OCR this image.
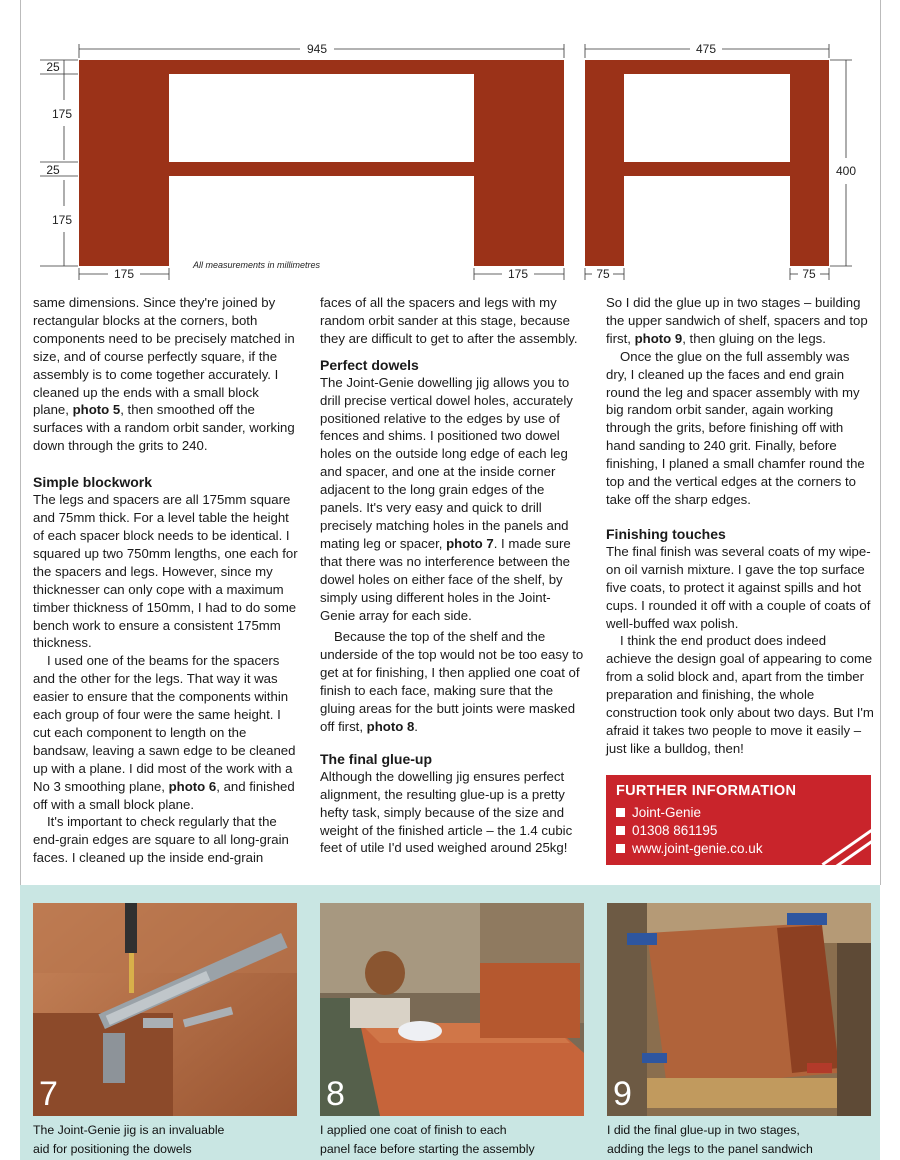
945	475
25
175
25
175
175	175	75	75
400
All measurements in millimetres

same dimensions. Since they're joined by rectangular blocks at the corners, both components need to be precisely matched in size, and of course perfectly square, if the assembly is to come together accurately. I cleaned up the ends with a small block plane, photo 5, then smoothed off the surfaces with a random orbit sander, working down through the grits to 240.

Simple blockwork

The legs and spacers are all 175mm square and 75mm thick. For a level table the height of each spacer block needs to be identical. I squared up two 750mm lengths, one each for the spacers and legs. However, since my thicknesser can only cope with a maximum timber thickness of 150mm, I had to do some bench work to ensure a consistent 175mm thickness.

I used one of the beams for the spacers and the other for the legs. That way it was easier to ensure that the components within each group of four were the same height. I cut each component to length on the bandsaw, leaving a sawn edge to be cleaned up with a plane. I did most of the work with a No 3 smoothing plane, photo 6, and finished off with a small block plane.

It's important to check regularly that the end-grain edges are square to all long-grain faces. I cleaned up the inside end-grain

faces of all the spacers and legs with my random orbit sander at this stage, because they are difficult to get to after the assembly.

Perfect dowels

The Joint-Genie dowelling jig allows you to drill precise vertical dowel holes, accurately positioned relative to the edges by use of fences and shims. I positioned two dowel holes on the outside long edge of each leg and spacer, and one at the inside corner adjacent to the long grain edges of the panels. It's very easy and quick to drill precisely matching holes in the panels and mating leg or spacer, photo 7. I made sure that there was no interference between the dowel holes on either face of the shelf, by simply using different holes in the Joint-Genie array for each side.

Because the top of the shelf and the underside of the top would not be too easy to get at for finishing, I then applied one coat of finish to each face, making sure that the gluing areas for the butt joints were masked off first, photo 8.

The final glue-up

Although the dowelling jig ensures perfect alignment, the resulting glue-up is a pretty hefty task, simply because of the size and weight of the finished article – the 1.4 cubic feet of utile I'd used weighed around 25kg!

So I did the glue up in two stages – building the upper sandwich of shelf, spacers and top first, photo 9, then gluing on the legs.

Once the glue on the full assembly was dry, I cleaned up the faces and end grain round the leg and spacer assembly with my big random orbit sander, again working through the grits, before finishing off with hand sanding to 240 grit. Finally, before finishing, I planed a small chamfer round the top and the vertical edges at the corners to take off the sharp edges.

Finishing touches

The final finish was several coats of my wipe-on oil varnish mixture. I gave the top surface five coats, to protect it against spills and hot cups. I rounded it off with a couple of coats of well-buffed wax polish.

I think the end product does indeed achieve the design goal of appearing to come from a solid block and, apart from the timber preparation and finishing, the whole construction took only about two days. But I'm afraid it takes two people to move it easily – just like a bulldog, then!

FURTHER INFORMATION
Joint-Genie
01308 861195
www.joint-genie.co.uk
7	8	9
The Joint-Genie jig is an invaluable
aid for positioning the dowels
I applied one coat of finish to each
panel face before starting the assembly
I did the final glue-up in two stages,
adding the legs to the panel sandwich
